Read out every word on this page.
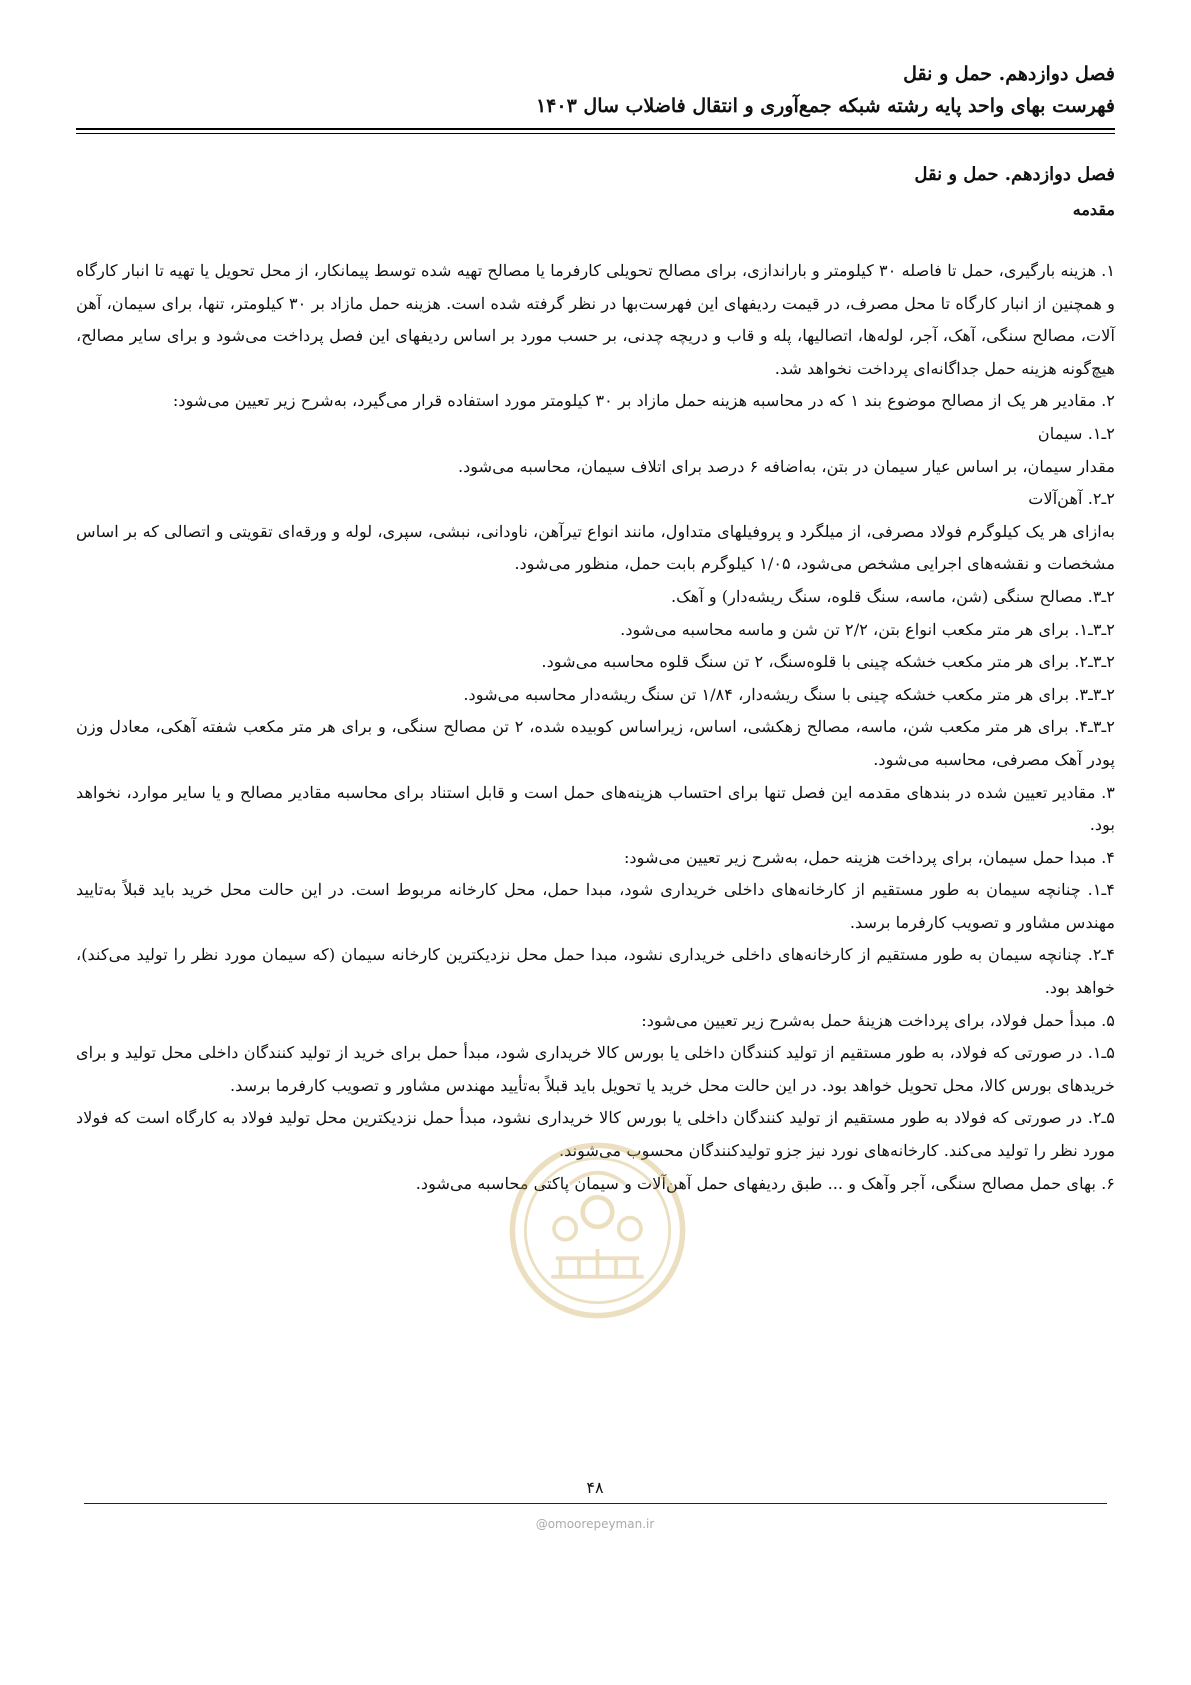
فصل دوازدهم. حمل و نقل
فهرست بهای واحد پایه رشته شبکه جمع‌آوری و انتقال فاضلاب سال ۱۴۰۳
فصل دوازدهم. حمل و نقل
مقدمه

۱. هزینه بارگیری، حمل تا فاصله ۳۰ کیلومتر و باراندازی، برای مصالح تحویلی کارفرما یا مصالح تهیه شده توسط پیمانکار، از محل تحویل یا تهیه تا انبار کارگاه و همچنین از انبار کارگاه تا محل مصرف، در قیمت ردیفهای این فهرست‌بها در نظر گرفته شده است. هزینه حمل مازاد بر ۳۰ کیلومتر، تنها، برای سیمان، آهن آلات، مصالح سنگی، آهک، آجر، لوله‌ها، اتصالیها، پله و قاب و دریچه چدنی، بر حسب مورد بر اساس ردیفهای این فصل پرداخت می‌شود و برای سایر مصالح، هیچ‌گونه هزینه حمل جداگانه‌ای پرداخت نخواهد شد.

۲. مقادیر هر یک از مصالح موضوع بند ۱ که در محاسبه هزینه حمل مازاد بر ۳۰ کیلومتر مورد استفاده قرار می‌گیرد، به‌شرح زیر تعیین می‌شود:

۲ـ۱. سیمان

مقدار سیمان، بر اساس عیار سیمان در بتن، به‌اضافه ۶ درصد برای اتلاف سیمان، محاسبه می‌شود.

۲ـ۲. آهن‌آلات

به‌ازای هر یک کیلوگرم فولاد مصرفی، از میلگرد و پروفیلهای متداول، مانند انواع تیرآهن، ناودانی، نبشی، سپری، لوله و ورقه‌ای تقویتی و اتصالی که بر اساس مشخصات و نقشه‌های اجرایی مشخص می‌شود، ۱/۰۵ کیلوگرم بابت حمل، منظور می‌شود.

۲ـ۳. مصالح سنگی (شن، ماسه، سنگ قلوه، سنگ ریشه‌دار) و آهک.

۲ـ۳ـ۱. برای هر متر مکعب انواع بتن، ۲/۲ تن شن و ماسه محاسبه می‌شود.

۲ـ۳ـ۲. برای هر متر مکعب خشکه چینی با قلوه‌سنگ، ۲ تن سنگ قلوه محاسبه می‌شود.

۲ـ۳ـ۳. برای هر متر مکعب خشکه چینی با سنگ ریشه‌دار، ۱/۸۴ تن سنگ ریشه‌دار محاسبه می‌شود.

۲ـ۳ـ۴. برای هر متر مکعب شن، ماسه، مصالح زهکشی، اساس، زیراساس کوبیده شده، ۲ تن مصالح سنگی، و برای هر متر مکعب شفته آهکی، معادل وزن پودر آهک مصرفی، محاسبه می‌شود.

۳. مقادیر تعیین شده در بندهای مقدمه این فصل تنها برای احتساب هزینه‌های حمل است و قابل استناد برای محاسبه مقادیر مصالح و یا سایر موارد، نخواهد بود.

۴. مبدا حمل سیمان، برای پرداخت هزینه حمل، به‌شرح زیر تعیین می‌شود:

۴ـ۱. چنانچه سیمان به طور مستقیم از کارخانه‌های داخلی خریداری شود، مبدا حمل، محل کارخانه مربوط است. در این حالت محل خرید باید قبلاً به‌تایید مهندس مشاور و تصویب کارفرما برسد.

۴ـ۲. چنانچه سیمان به طور مستقیم از کارخانه‌های داخلی خریداری نشود، مبدا حمل محل نزدیکترین کارخانه سیمان (که سیمان مورد نظر را تولید می‌کند)، خواهد بود.

۵. مبدأ حمل فولاد، برای پرداخت هزینهٔ حمل به‌شرح زیر تعیین می‌شود:

۵ـ۱. در صورتی که فولاد، به طور مستقیم از تولید کنندگان داخلی یا بورس کالا خریداری شود، مبدأ حمل برای خرید از تولید کنندگان داخلی محل تولید و برای خریدهای بورس کالا، محل تحویل خواهد بود. در این حالت محل خرید یا تحویل باید قبلاً به‌تأیید مهندس مشاور و تصویب کارفرما برسد.

۵ـ۲. در صورتی که فولاد به طور مستقیم از تولید کنندگان داخلی یا بورس کالا خریداری نشود، مبدأ حمل نزدیکترین محل تولید فولاد به کارگاه است که فولاد مورد نظر را تولید می‌کند. کارخانه‌های نورد نیز جزو تولیدکنندگان محسوب می‌شوند.

۶. بهای حمل مصالح سنگی، آجر وآهک و ... طبق ردیفهای حمل آهن‌آلات و سیمان پاکتی محاسبه می‌شود.

۴۸
@omoorepeyman.ir
